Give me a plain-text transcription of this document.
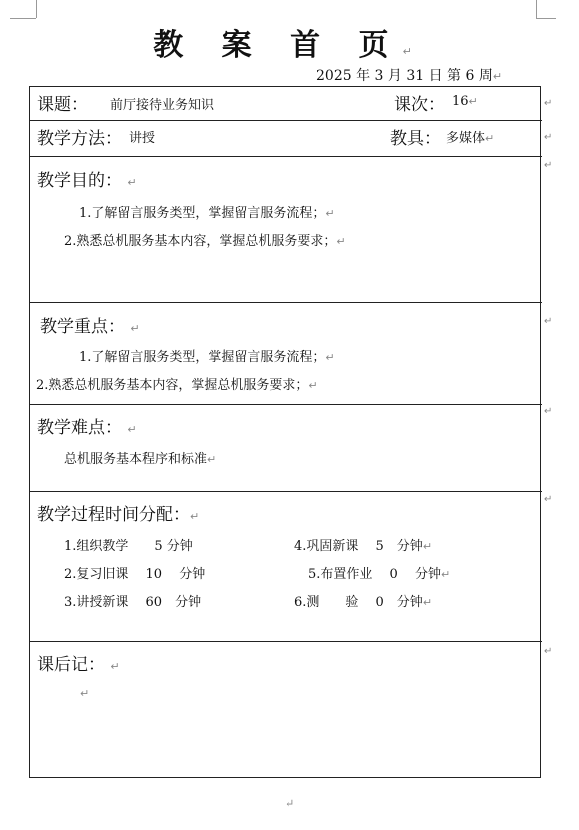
教 案 首 页↵
2025 年 3 月 31 日 第 6 周↵
↵
↵
↵
↵
↵
↵
↵
课题： 前厅接待业务知识	课次： 16↵
教学方法： 讲授	教具： 多媒体↵
教学目的： ↵
1.了解留言服务类型，掌握留言服务流程；↵
2.熟悉总机服务基本内容，掌握总机服务要求；↵
教学重点： ↵
1.了解留言服务类型，掌握留言服务流程；↵
2.熟悉总机服务基本内容，掌握总机服务要求；↵
教学难点： ↵
总机服务基本程序和标准↵
教学过程时间分配：↵
1.组织教学　　5 分钟	4.巩固新课　 5　分钟↵
2.复习旧课　 10　 分钟	5.布置作业　 0　 分钟↵
3.讲授新课　 60　分钟	6.测　　验　 0　分钟↵
课后记： ↵
↵
↵
